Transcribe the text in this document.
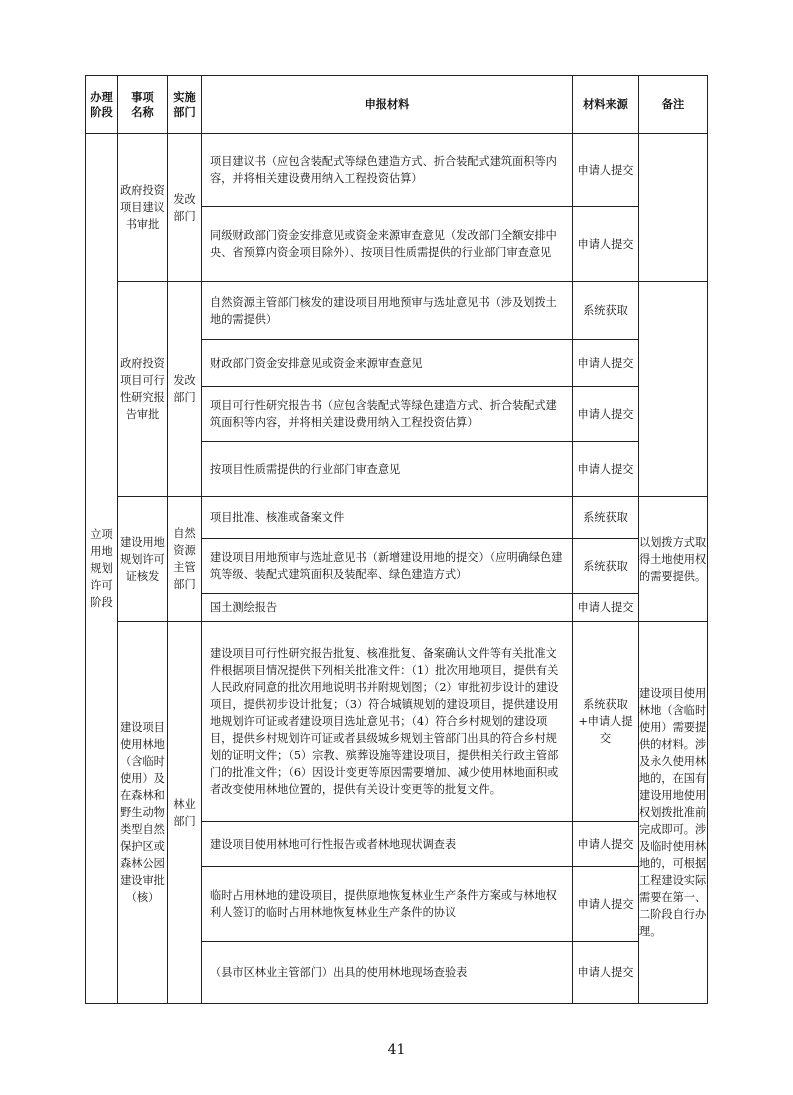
办理阶段	事项名称	实施部门	申报材料	材料来源	备注
立项用地规划许可阶段	政府投资项目建议书审批	发改部门	项目建议书（应包含装配式等绿色建造方式、折合装配式建筑面积等内容，并将相关建设费用纳入工程投资估算）	申请人提交	
			同级财政部门资金安排意见或资金来源审查意见（发改部门全额安排中央、省预算内资金项目除外）、按项目性质需提供的行业部门审查意见	申请人提交	
	政府投资项目可行性研究报告审批	发改部门	自然资源主管部门核发的建设项目用地预审与选址意见书（涉及划拨土地的需提供）	系统获取	
			财政部门资金安排意见或资金来源审查意见	申请人提交	
			项目可行性研究报告书（应包含装配式等绿色建造方式、折合装配式建筑面积等内容，并将相关建设费用纳入工程投资估算）	申请人提交	
			按项目性质需提供的行业部门审查意见	申请人提交	
	建设用地规划许可证核发	自然资源主管部门	项目批准、核准或备案文件	系统获取	以划拨方式取得土地使用权的需要提供。
			建设项目用地预审与选址意见书（新增建设用地的提交）（应明确绿色建筑等级、装配式建筑面积及装配率、绿色建造方式）	系统获取	
			国土测绘报告	申请人提交	
	建设项目使用林地（含临时使用）及在森林和野生动物类型自然保护区或森林公园建设审批（核）	林业部门	建设项目可行性研究报告批复、核准批复、备案确认文件等有关批准文件根据项目情况提供下列相关批准文件：（1）批次用地项目，提供有关人民政府同意的批次用地说明书并附规划图；（2）审批初步设计的建设项目，提供初步设计批复；（3）符合城镇规划的建设项目，提供建设用地规划许可证或者建设项目选址意见书；（4）符合乡村规划的建设项目，提供乡村规划许可证或者县级城乡规划主管部门出具的符合乡村规划的证明文件；（5）宗教、殡葬设施等建设项目，提供相关行政主管部门的批准文件；（6）因设计变更等原因需要增加、减少使用林地面积或者改变使用林地位置的，提供有关设计变更等的批复文件。	系统获取+申请人提交	建设项目使用林地（含临时使用）需要提供的材料。涉及永久使用林地的，在国有建设用地使用权划拨批准前完成即可。涉及临时使用林地的，可根据工程建设实际需要在第一、二阶段自行办理。
			建设项目使用林地可行性报告或者林地现状调查表	申请人提交	
			临时占用林地的建设项目，提供原地恢复林业生产条件方案或与林地权利人签订的临时占用林地恢复林业生产条件的协议	申请人提交	
			（县市区林业主管部门）出具的使用林地现场查验表	申请人提交	
41
